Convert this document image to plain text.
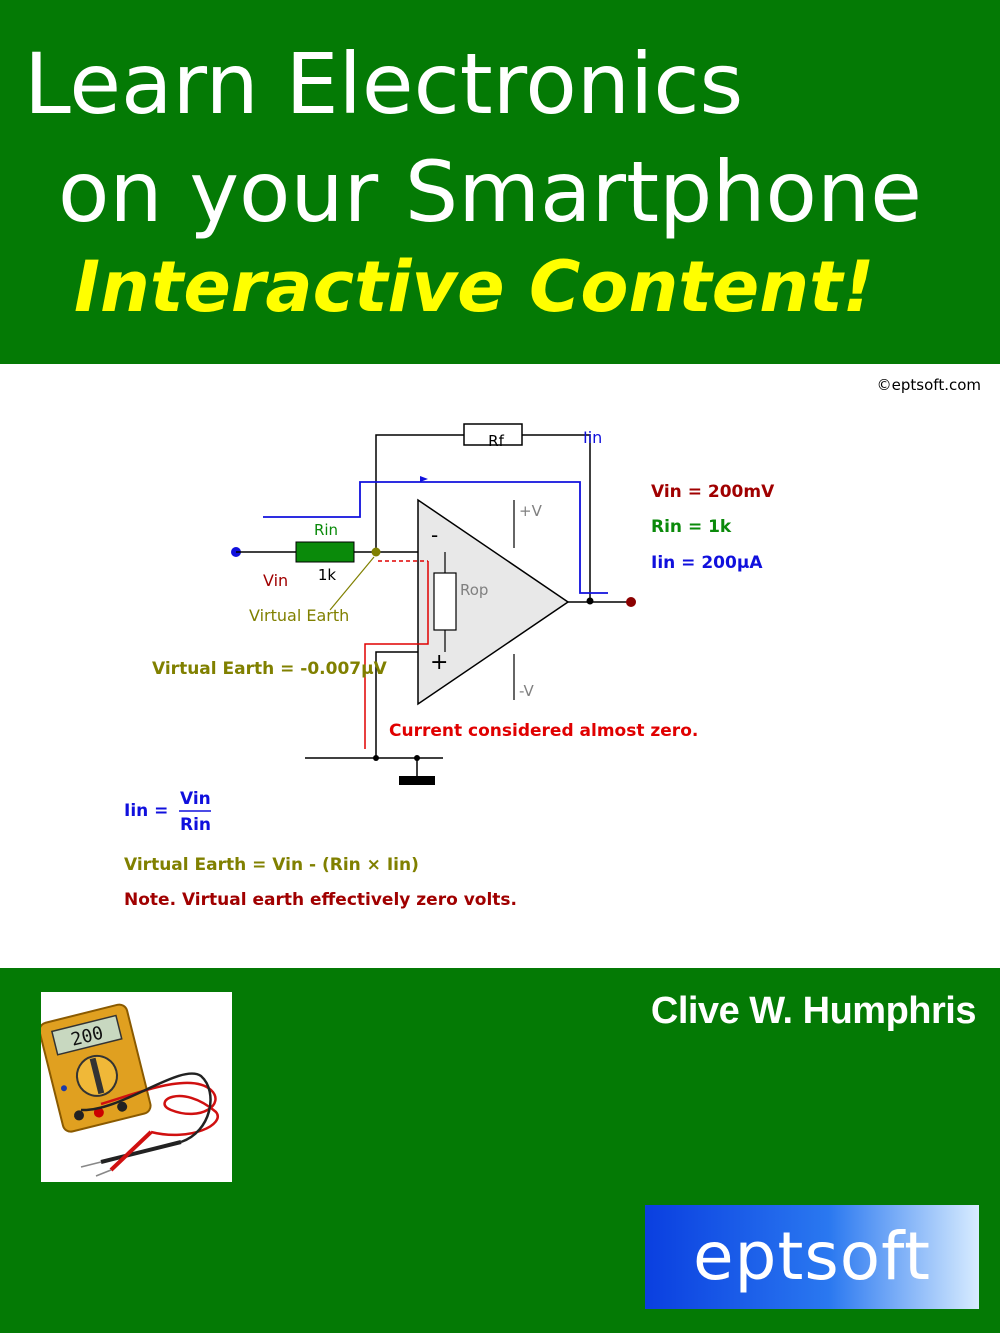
Learn Electronics
on your Smartphone
Interactive Content!
©eptsoft.com
Rf	Iin
Rin
1k
Vin
Virtual Earth
+V
-V
-
+
Rop
Vin = 200mV
Rin = 1k
Iin = 200µA
Virtual Earth = -0.007µV
Current considered almost zero.
Iin =
Vin
Rin
Virtual Earth = Vin - (Rin × Iin)
Note. Virtual earth effectively zero volts.
Clive W. Humphris
200
eptsoft
